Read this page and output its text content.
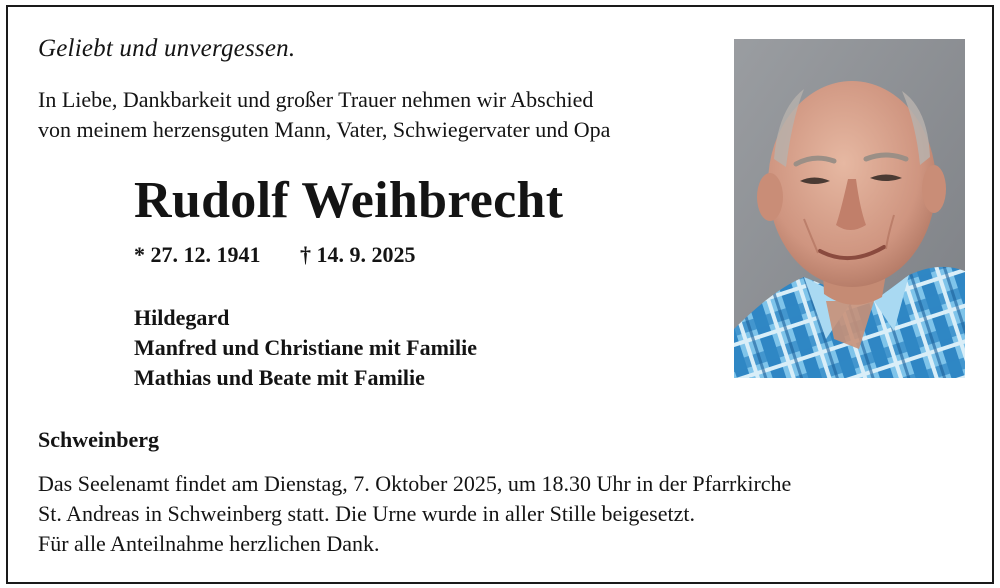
Geliebt und unvergessen.
In Liebe, Dankbarkeit und großer Trauer nehmen wir Abschied
von meinem herzensguten Mann, Vater, Schwiegervater und Opa
Rudolf Weihbrecht
* 27. 12. 1941 † 14. 9. 2025
Hildegard
Manfred und Christiane mit Familie
Mathias und Beate mit Familie
Schweinberg
Das Seelenamt findet am Dienstag, 7. Oktober 2025, um 18.30 Uhr in der Pfarrkirche
St. Andreas in Schweinberg statt. Die Urne wurde in aller Stille beigesetzt.
Für alle Anteilnahme herzlichen Dank.
